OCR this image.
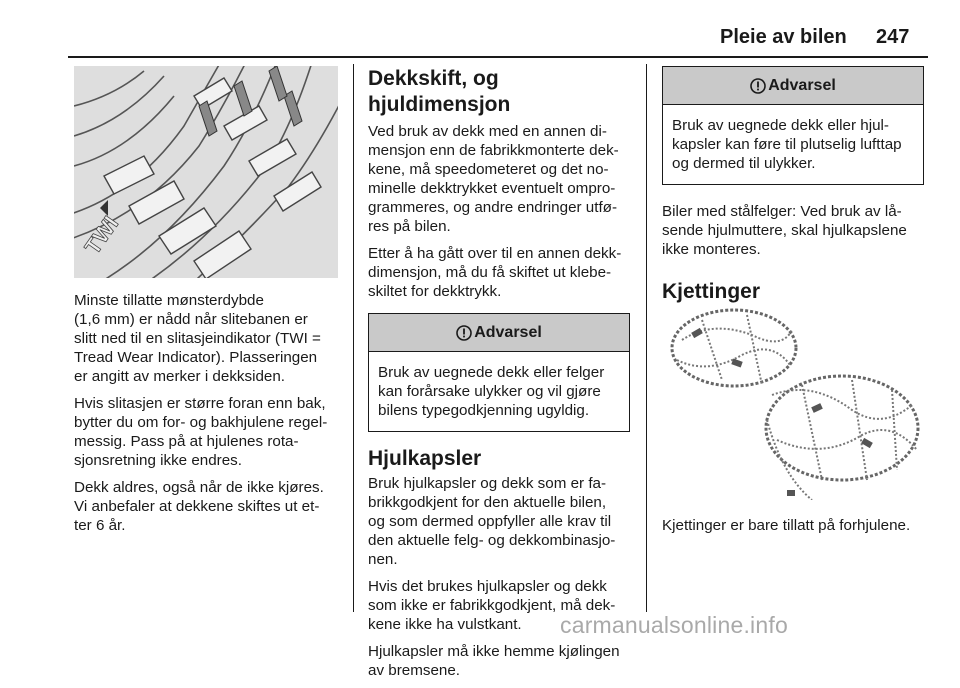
Pleie av bilen 247
TWI

Minste tillatte mønsterdybde
(1,6 mm) er nådd når slitebanen er
slitt ned til en slitasjeindikator (TWI =
Tread Wear Indicator). Plasseringen
er angitt av merker i dekksiden.

Hvis slitasjen er større foran enn bak,
bytter du om for- og bakhjulene regel-
messig. Pass på at hjulenes rota-
sjonsretning ikke endres.

Dekk aldres, også når de ikke kjøres.
Vi anbefaler at dekkene skiftes ut et-
ter 6 år.

Dekkskift, og hjuldimensjon

Ved bruk av dekk med en annen di-
mensjon enn de fabrikkmonterte dek-
kene, må speedometeret og det no-
minelle dekktrykket eventuelt ompro-
grammeres, og andre endringer utfø-
res på bilen.

Etter å ha gått over til en annen dekk-
dimensjon, må du få skiftet ut klebe-
skiltet for dekktrykk.

Advarsel
Bruk av uegnede dekk eller felger
kan forårsake ulykker og vil gjøre
bilens typegodkjenning ugyldig.
Hjulkapsler

Bruk hjulkapsler og dekk som er fa-
brikkgodkjent for den aktuelle bilen,
og som dermed oppfyller alle krav til
den aktuelle felg- og dekkombinasjo-
nen.

Hvis det brukes hjulkapsler og dekk
som ikke er fabrikkgodkjent, må dek-
kene ikke ha vulstkant.

Hjulkapsler må ikke hemme kjølingen
av bremsene.

Advarsel
Bruk av uegnede dekk eller hjul-
kapsler kan føre til plutselig lufttap
og dermed til ulykker.

Biler med stålfelger: Ved bruk av lå-
sende hjulmuttere, skal hjulkapslene
ikke monteres.

Kjettinger
Kjettinger er bare tillatt på forhjulene.
carmanualsonline.info
